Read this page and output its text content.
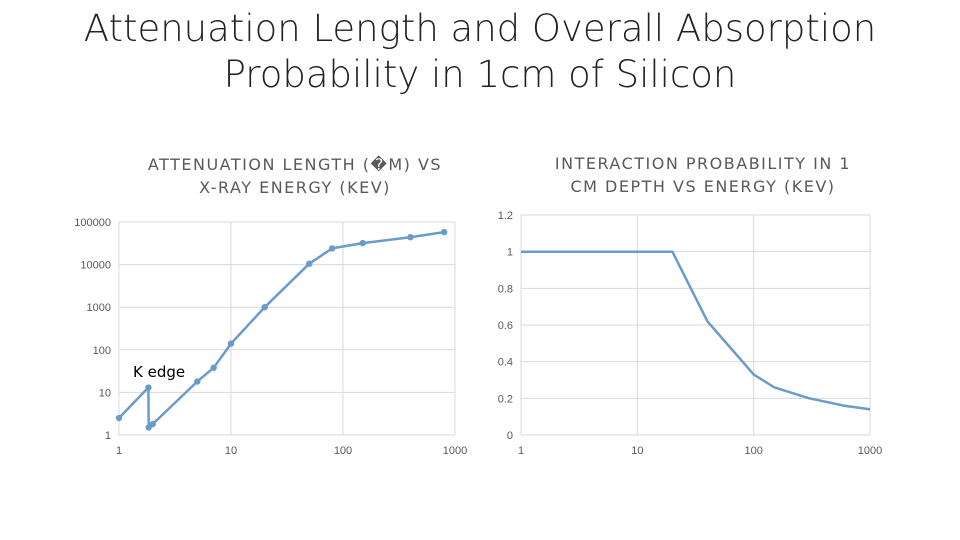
Attenuation Length and Overall Absorption
Probability in 1cm of Silicon
ATTENUATION LENGTH (�M) VS
X-RAY ENERGY (KEV)
INTERACTION PROBABILITY IN 1
CM DEPTH VS ENERGY (KEV)
1
10
100
1000
10000
100000
1	10	100	1000
K edge
0
0.2
0.4
0.6
0.8
1
1.2
1	10	100	1000
